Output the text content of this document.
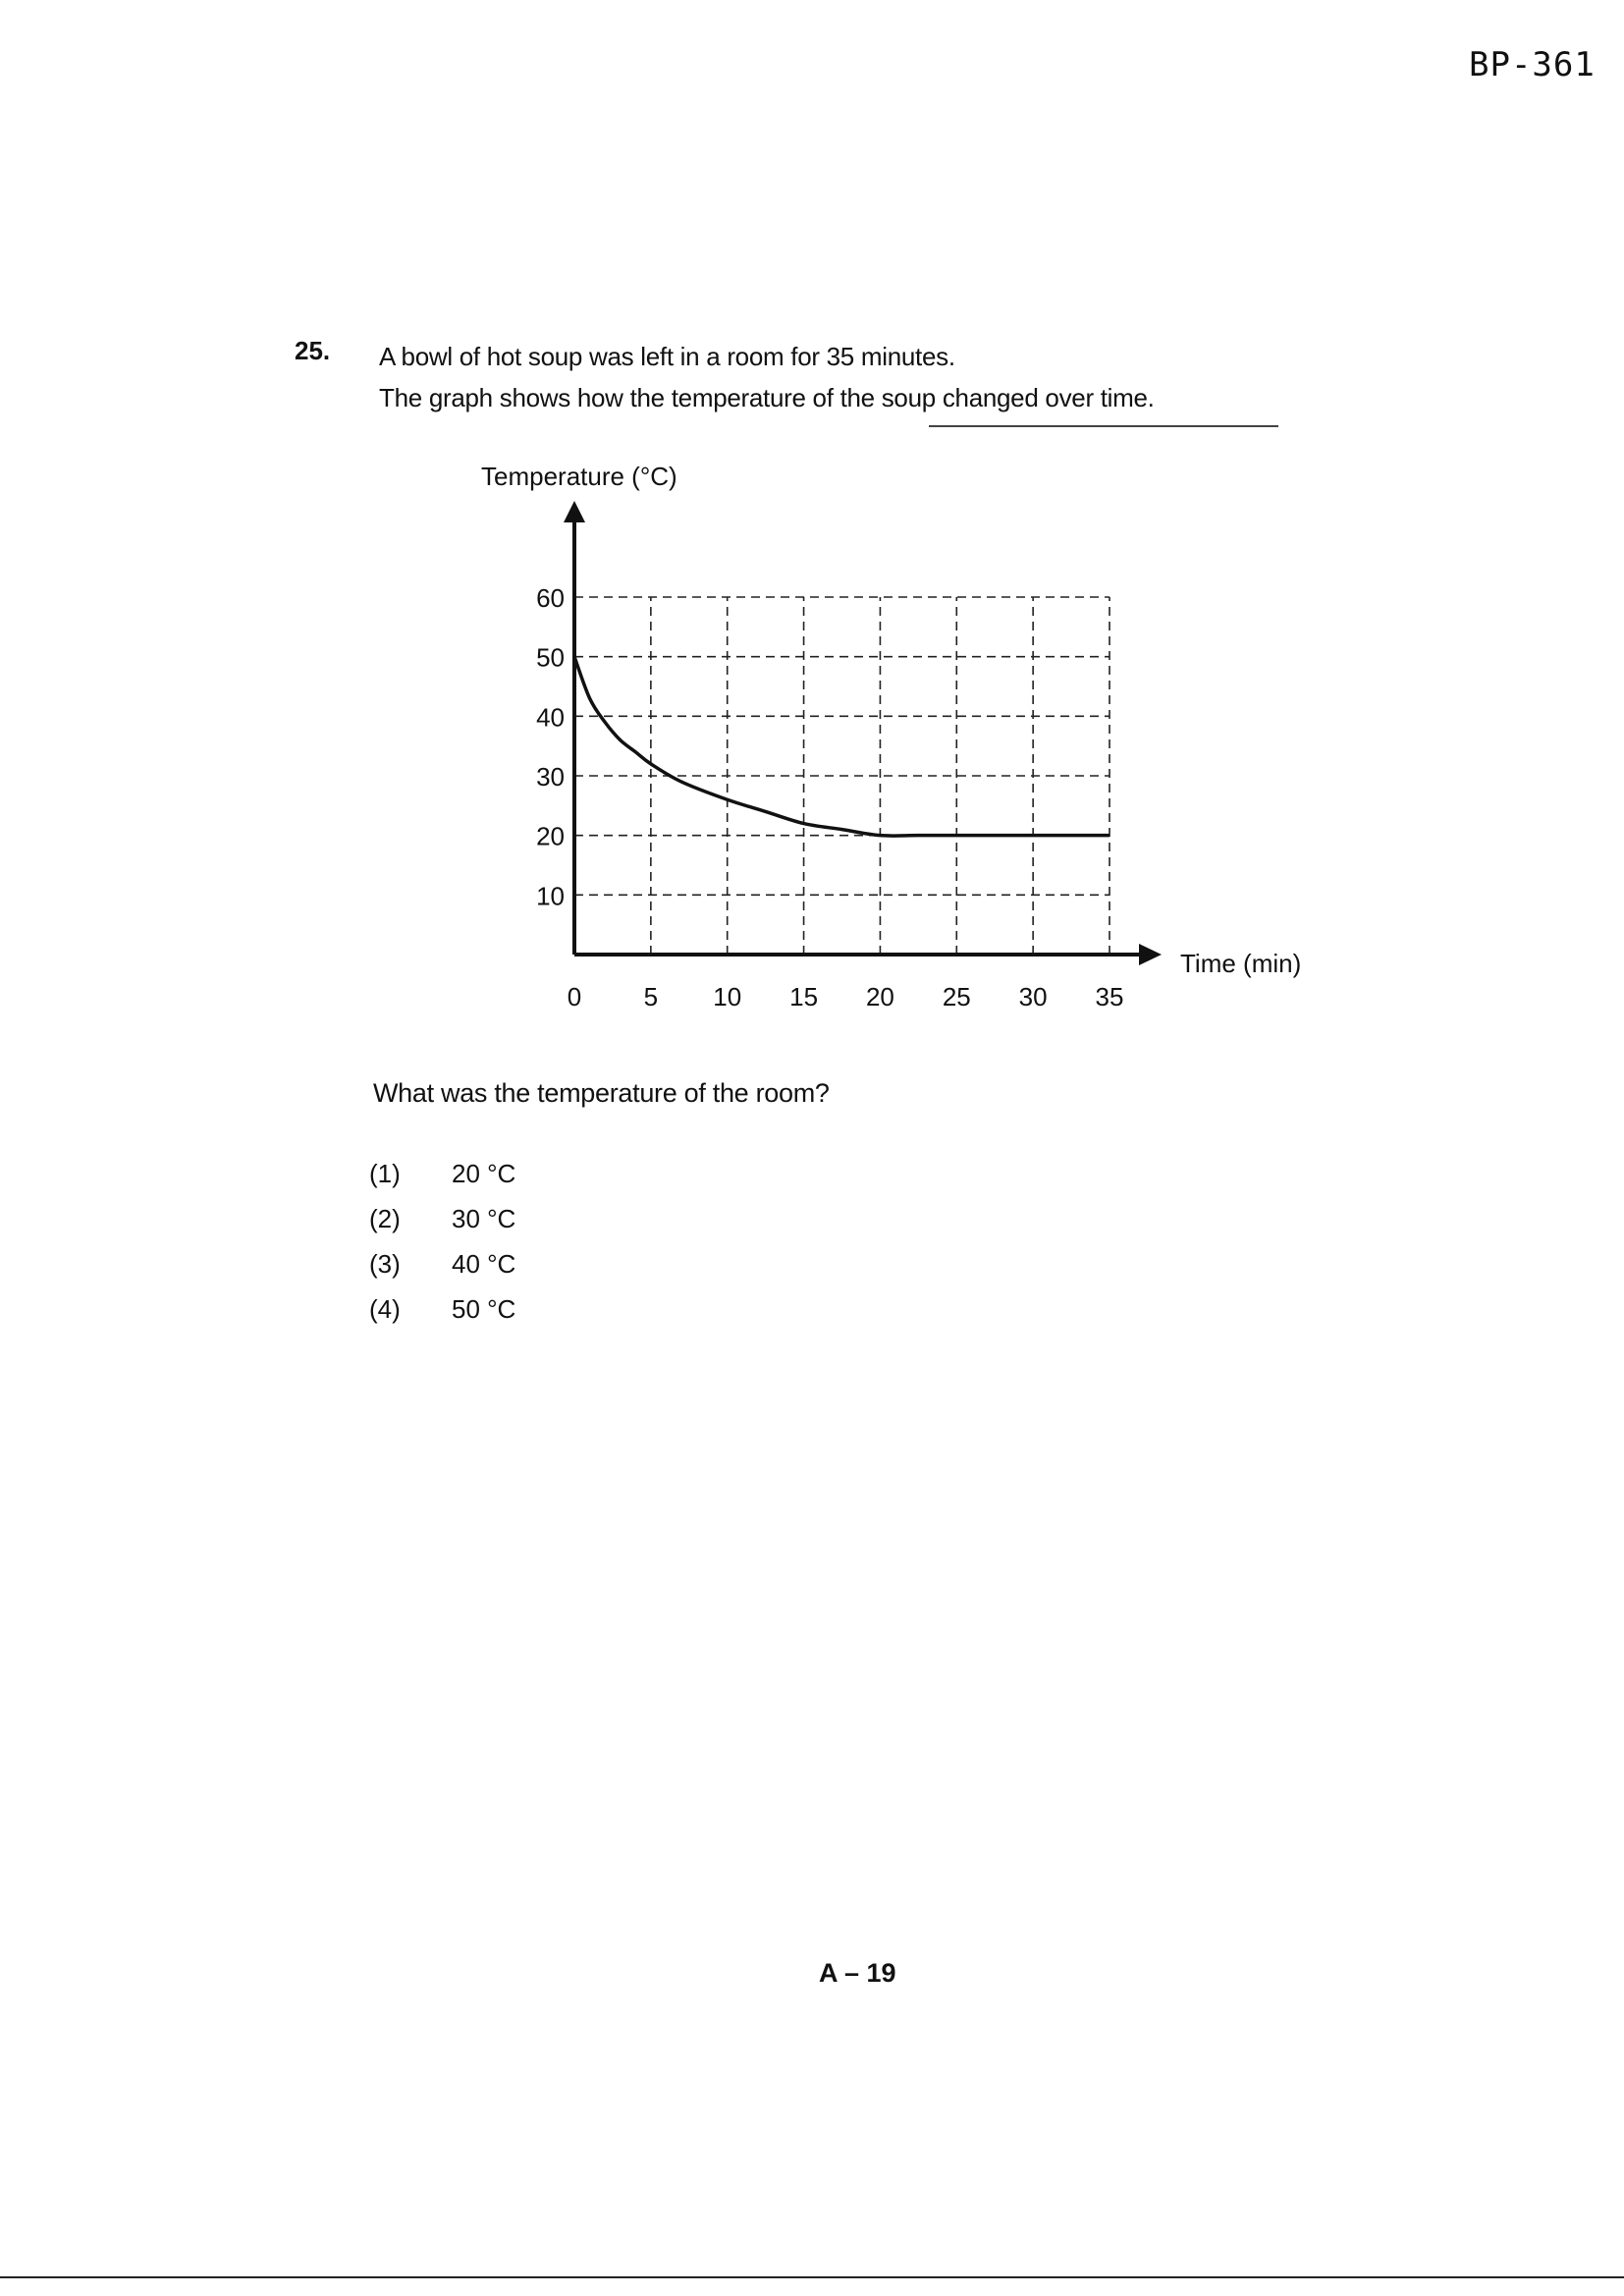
BP-361
25. A bowl of hot soup was left in a room for 35 minutes.
The graph shows how the temperature of the soup changed over time.
10
20
30
40
50
60
0 5 10 15 20 25 30 35
Temperature (°C)
Time (min)
What was the temperature of the room?
(1) 20 °C
(2) 30 °C
(3) 40 °C
(4) 50 °C
A – 19
